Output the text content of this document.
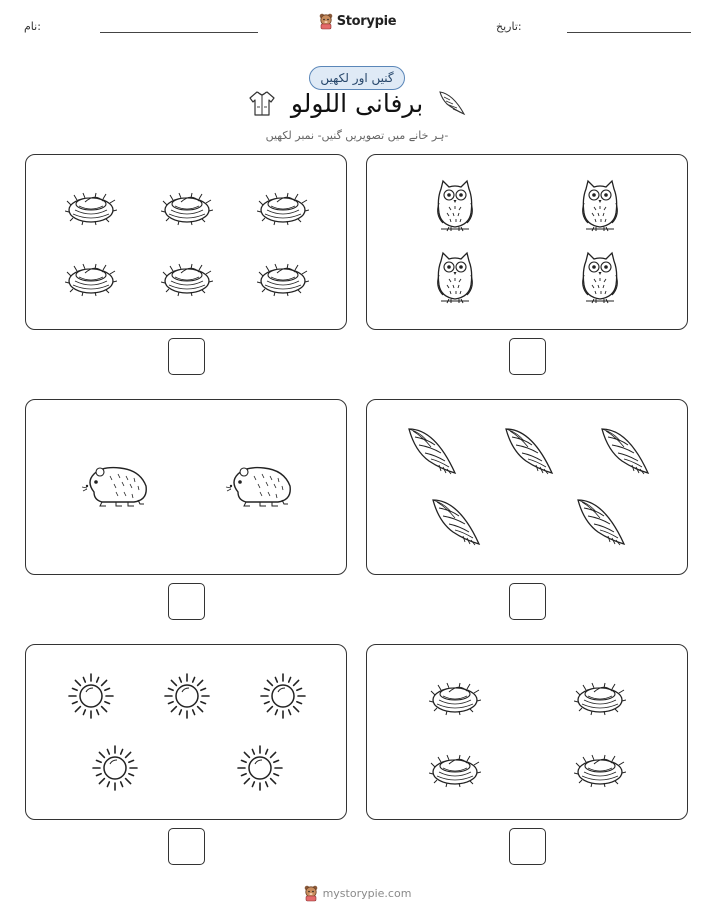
نام:	Storypie	تاریخ:
گنیں اور لکھیں
برفانی اللولو
ہر خانے میں تصویریں گنیں- نمبر لکھیں-
mystorypie.com
